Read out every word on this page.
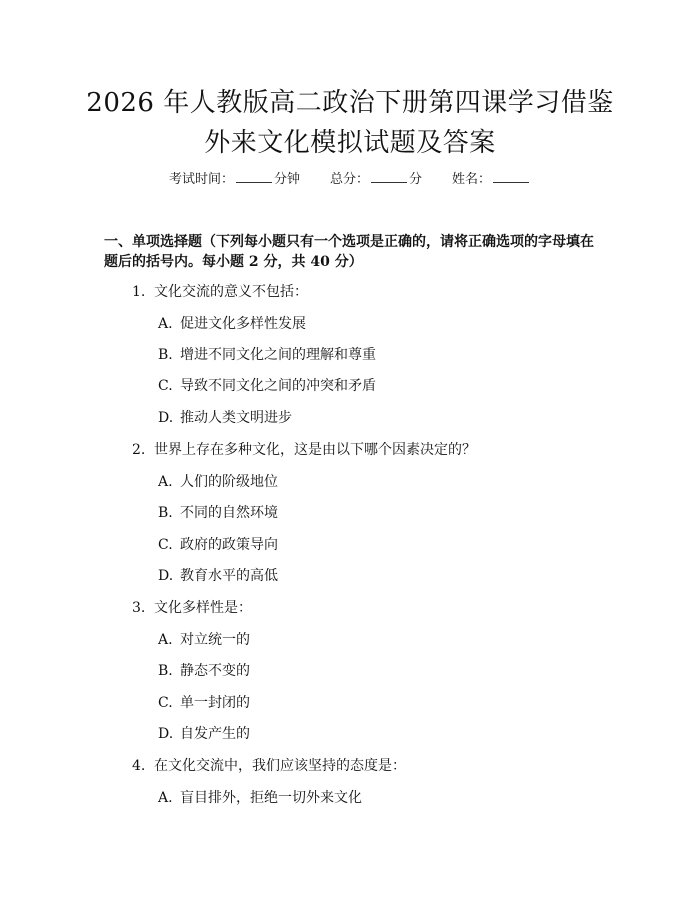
2026 年人教版高二政治下册第四课学习借鉴
外来文化模拟试题及答案
考试时间：	分钟 总分：	分 姓名：

一、单项选择题（下列每小题只有一个选项是正确的，请将正确选项的字母填在题后的括号内。每小题 2 分，共 40 分）

1. 文化交流的意义不包括：
A. 促进文化多样性发展
B. 增进不同文化之间的理解和尊重
C. 导致不同文化之间的冲突和矛盾
D. 推动人类文明进步
2. 世界上存在多种文化，这是由以下哪个因素决定的？
A. 人们的阶级地位
B. 不同的自然环境
C. 政府的政策导向
D. 教育水平的高低
3. 文化多样性是：
A. 对立统一的
B. 静态不变的
C. 单一封闭的
D. 自发产生的
4. 在文化交流中，我们应该坚持的态度是：
A. 盲目排外，拒绝一切外来文化
